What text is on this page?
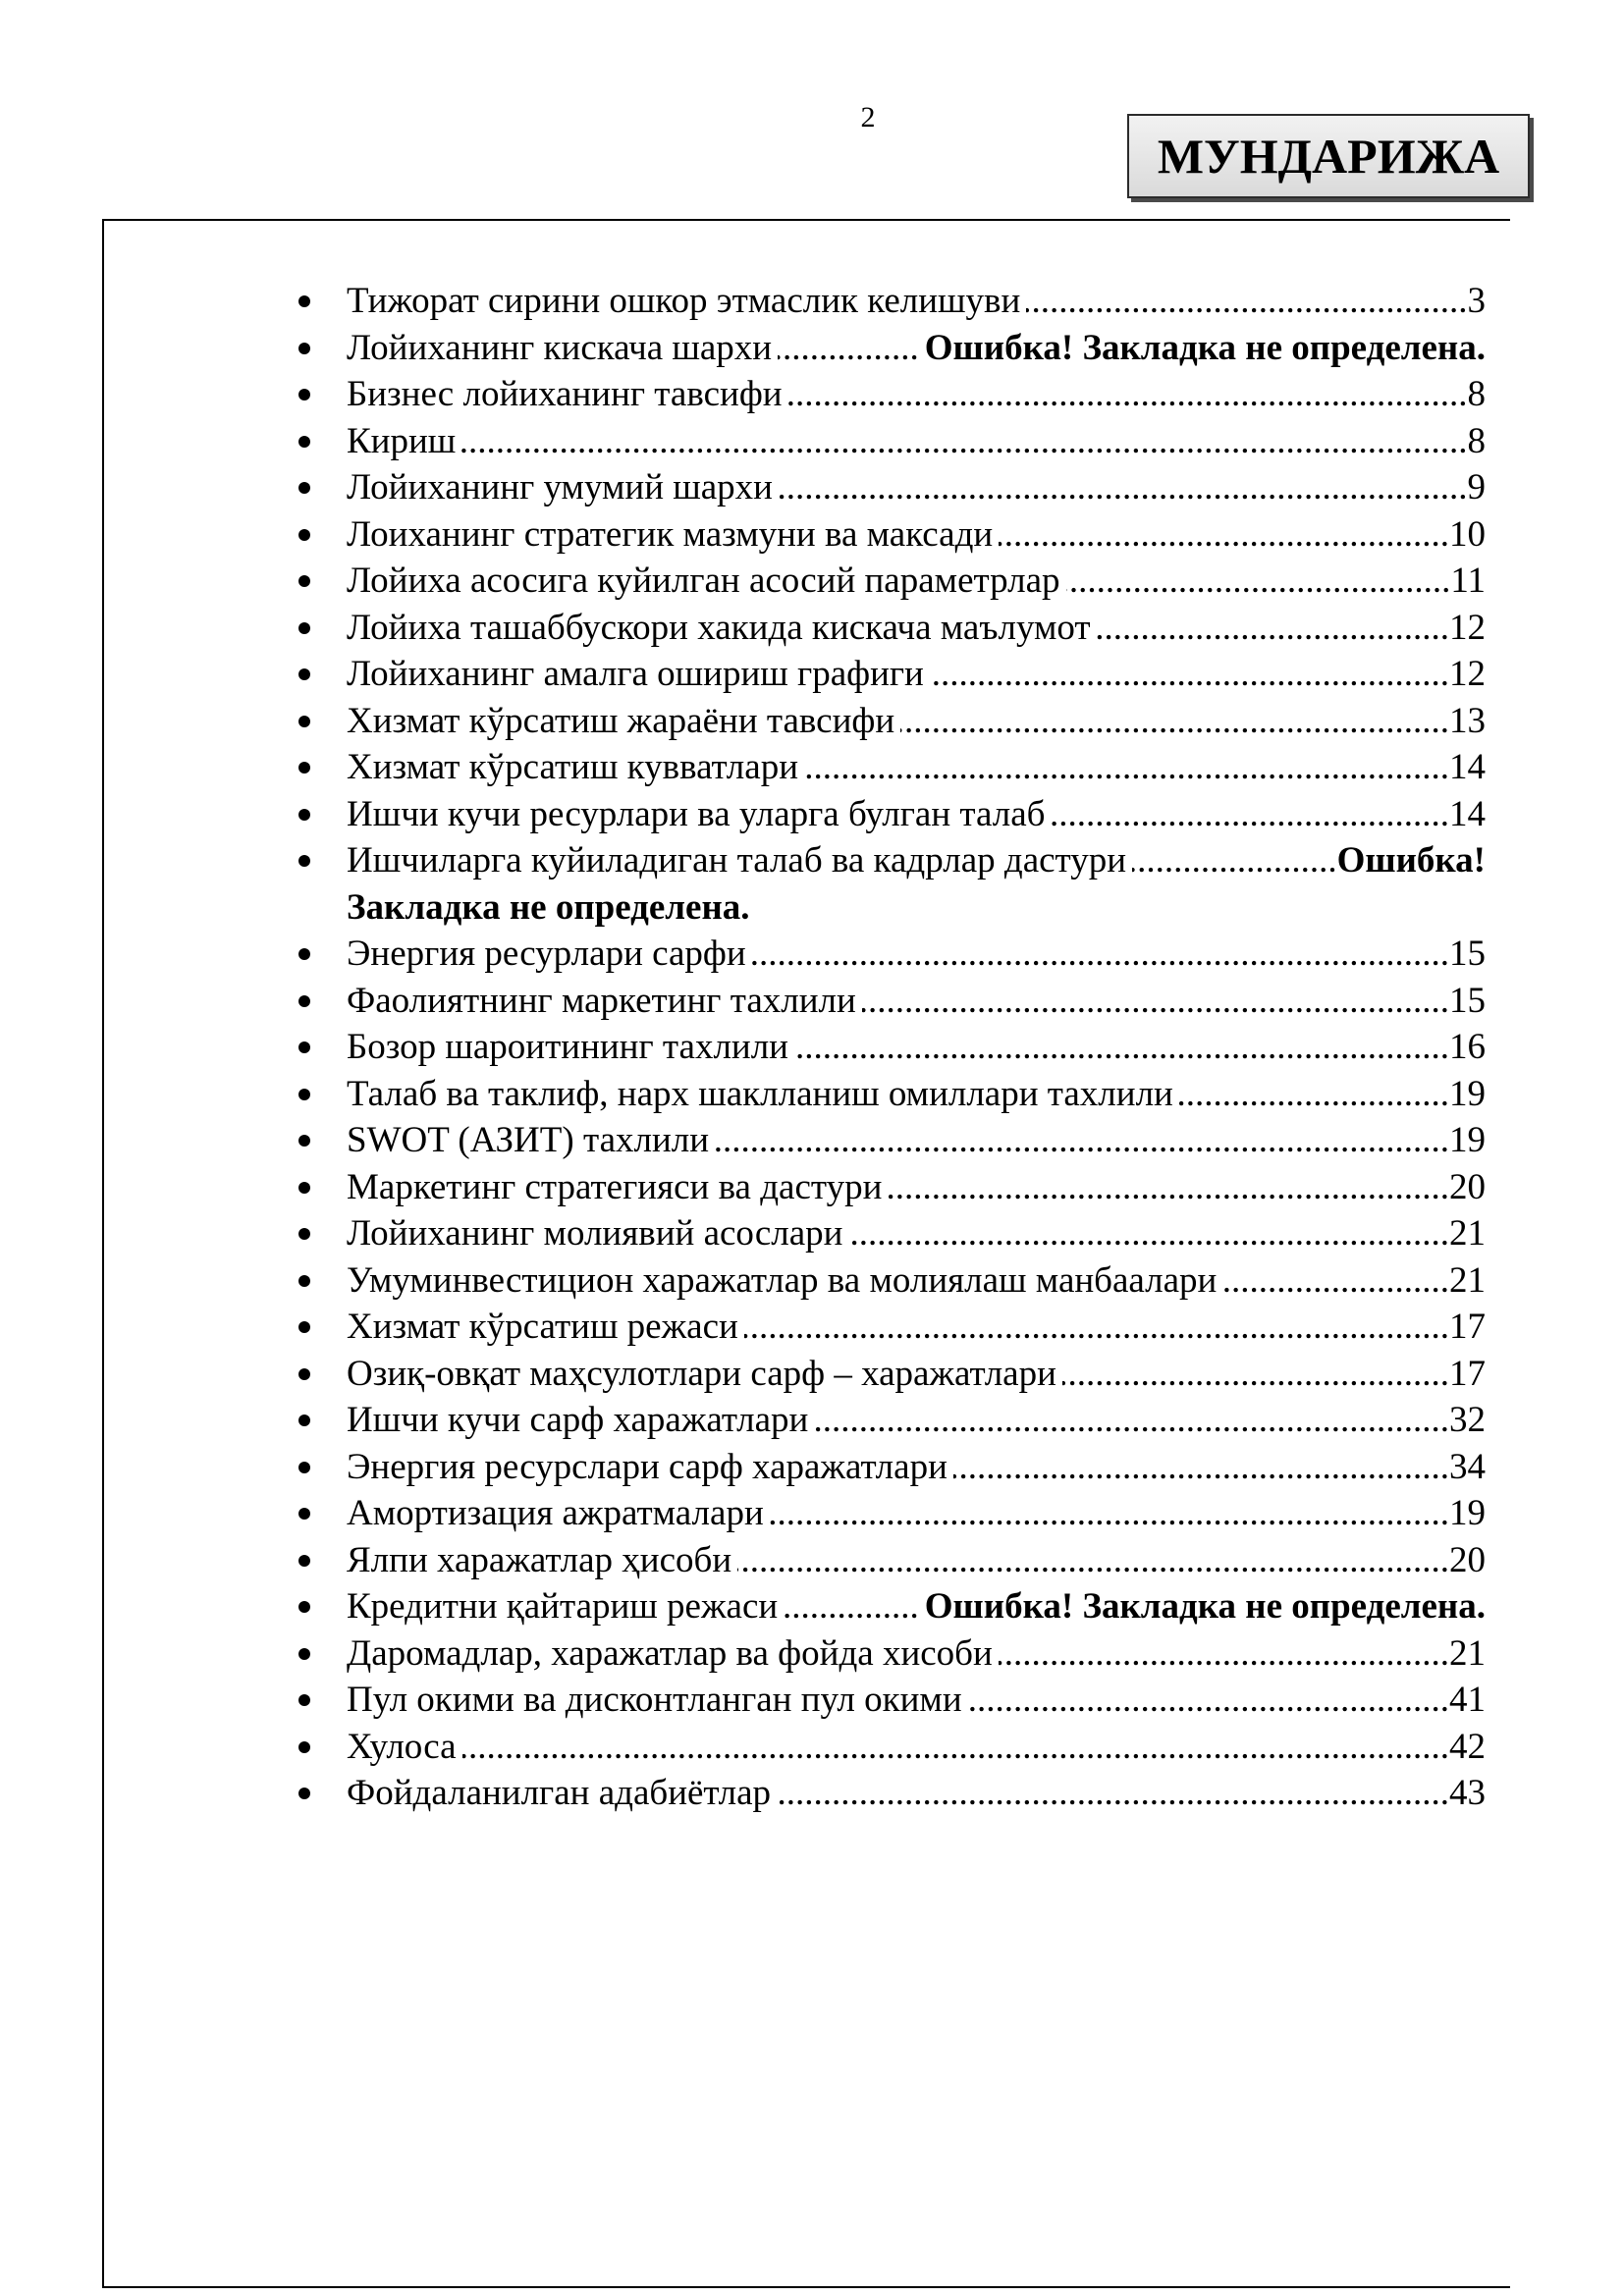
2
МУНДАРИЖА
Тижорат сирини ошкор этмаслик келишуви .....	3
Лойиханинг кискача шархи .....	Ошибка! Закладка не определена.
Бизнес лойиханинг тавсифи .....	8
Кириш .....	8
Лойиханинг умумий шархи .....	9
Лоиханинг стратегик мазмуни ва максади .....	10
Лойиха асосига куйилган асосий параметрлар .....	11
Лойиха ташаббускори хакида кискача маълумот .....	12
Лойиханинг амалга ошириш графиги .....	12
Хизмат кўрсатиш жараёни тавсифи .....	13
Хизмат кўрсатиш кувватлари .....	14
Ишчи кучи ресурлари ва уларга булган талаб .....	14
Ишчиларга куйиладиган талаб ва кадрлар дастури .....	Ошибка!
Закладка не определена.
Энергия ресурлари сарфи .....	15
Фаолиятнинг маркетинг тахлили .....	15
Бозор шароитининг тахлили .....	16
Талаб ва таклиф, нарх шаклланиш омиллари тахлили .....	19
SWOT (АЗИТ) тахлили .....	19
Маркетинг стратегияси ва дастури .....	20
Лойиханинг молиявий асослари .....	21
Умуминвестицион харажатлар ва молиялаш манбаалари .....	21
Хизмат кўрсатиш режаси .....	17
Озиқ-овқат маҳсулотлари сарф – харажатлари .....	17
Ишчи кучи сарф харажатлари .....	32
Энергия ресурслари сарф харажатлари .....	34
Амортизация ажратмалари .....	19
Ялпи харажатлар ҳисоби .....	20
Кредитни қайтариш режаси .....	Ошибка! Закладка не определена.
Даромадлар, харажатлар ва фойда хисоби .....	21
Пул окими ва дисконтланган пул окими .....	41
Хулоса .....	42
Фойдаланилган адабиётлар .....	43
